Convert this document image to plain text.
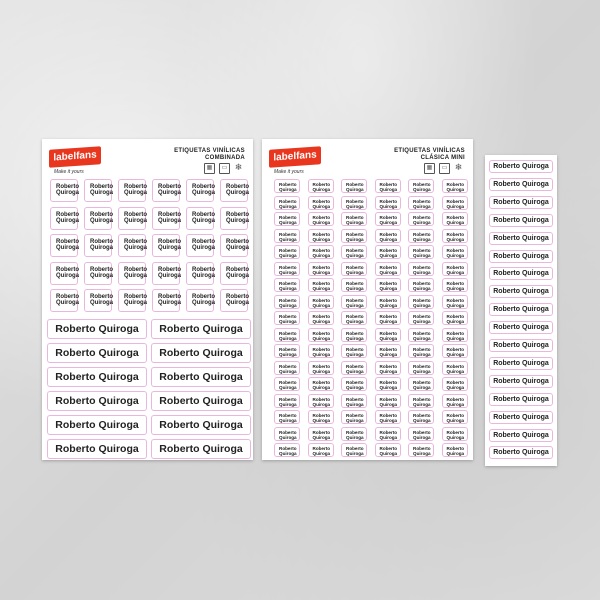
labelfans
Make it yours
ETIQUETAS VINÍLICAS
COMBINADA
▦	▭ ❄
Roberto
Quiroga
Roberto
Quiroga
Roberto
Quiroga
Roberto
Quiroga
Roberto
Quiroga
Roberto
Quiroga
Roberto
Quiroga
Roberto
Quiroga
Roberto
Quiroga
Roberto
Quiroga
Roberto
Quiroga
Roberto
Quiroga
Roberto
Quiroga
Roberto
Quiroga
Roberto
Quiroga
Roberto
Quiroga
Roberto
Quiroga
Roberto
Quiroga
Roberto
Quiroga
Roberto
Quiroga
Roberto
Quiroga
Roberto
Quiroga
Roberto
Quiroga
Roberto
Quiroga
Roberto
Quiroga
Roberto
Quiroga
Roberto
Quiroga
Roberto
Quiroga
Roberto
Quiroga
Roberto
Quiroga
Roberto Quiroga	Roberto Quiroga
Roberto Quiroga	Roberto Quiroga
Roberto Quiroga	Roberto Quiroga
Roberto Quiroga	Roberto Quiroga
Roberto Quiroga	Roberto Quiroga
Roberto Quiroga	Roberto Quiroga
labelfans
Make it yours
ETIQUETAS VINÍLICAS
CLÁSICA MINI
▦	▭ ❄
Roberto
Quiroga
Roberto
Quiroga
Roberto
Quiroga
Roberto
Quiroga
Roberto
Quiroga
Roberto
Quiroga
Roberto
Quiroga
Roberto
Quiroga
Roberto
Quiroga
Roberto
Quiroga
Roberto
Quiroga
Roberto
Quiroga
Roberto
Quiroga
Roberto
Quiroga
Roberto
Quiroga
Roberto
Quiroga
Roberto
Quiroga
Roberto
Quiroga
Roberto
Quiroga
Roberto
Quiroga
Roberto
Quiroga
Roberto
Quiroga
Roberto
Quiroga
Roberto
Quiroga
Roberto
Quiroga
Roberto
Quiroga
Roberto
Quiroga
Roberto
Quiroga
Roberto
Quiroga
Roberto
Quiroga
Roberto
Quiroga
Roberto
Quiroga
Roberto
Quiroga
Roberto
Quiroga
Roberto
Quiroga
Roberto
Quiroga
Roberto
Quiroga
Roberto
Quiroga
Roberto
Quiroga
Roberto
Quiroga
Roberto
Quiroga
Roberto
Quiroga
Roberto
Quiroga
Roberto
Quiroga
Roberto
Quiroga
Roberto
Quiroga
Roberto
Quiroga
Roberto
Quiroga
Roberto
Quiroga
Roberto
Quiroga
Roberto
Quiroga
Roberto
Quiroga
Roberto
Quiroga
Roberto
Quiroga
Roberto
Quiroga
Roberto
Quiroga
Roberto
Quiroga
Roberto
Quiroga
Roberto
Quiroga
Roberto
Quiroga
Roberto
Quiroga
Roberto
Quiroga
Roberto
Quiroga
Roberto
Quiroga
Roberto
Quiroga
Roberto
Quiroga
Roberto
Quiroga
Roberto
Quiroga
Roberto
Quiroga
Roberto
Quiroga
Roberto
Quiroga
Roberto
Quiroga
Roberto
Quiroga
Roberto
Quiroga
Roberto
Quiroga
Roberto
Quiroga
Roberto
Quiroga
Roberto
Quiroga
Roberto
Quiroga
Roberto
Quiroga
Roberto
Quiroga
Roberto
Quiroga
Roberto
Quiroga
Roberto
Quiroga
Roberto
Quiroga
Roberto
Quiroga
Roberto
Quiroga
Roberto
Quiroga
Roberto
Quiroga
Roberto
Quiroga
Roberto
Quiroga
Roberto
Quiroga
Roberto
Quiroga
Roberto
Quiroga
Roberto
Quiroga
Roberto
Quiroga
Roberto
Quiroga
Roberto
Quiroga
Roberto
Quiroga
Roberto
Quiroga
Roberto
Quiroga
Roberto
Quiroga
Roberto Quiroga
Roberto Quiroga
Roberto Quiroga
Roberto Quiroga
Roberto Quiroga
Roberto Quiroga
Roberto Quiroga
Roberto Quiroga
Roberto Quiroga
Roberto Quiroga
Roberto Quiroga
Roberto Quiroga
Roberto Quiroga
Roberto Quiroga
Roberto Quiroga
Roberto Quiroga
Roberto Quiroga
